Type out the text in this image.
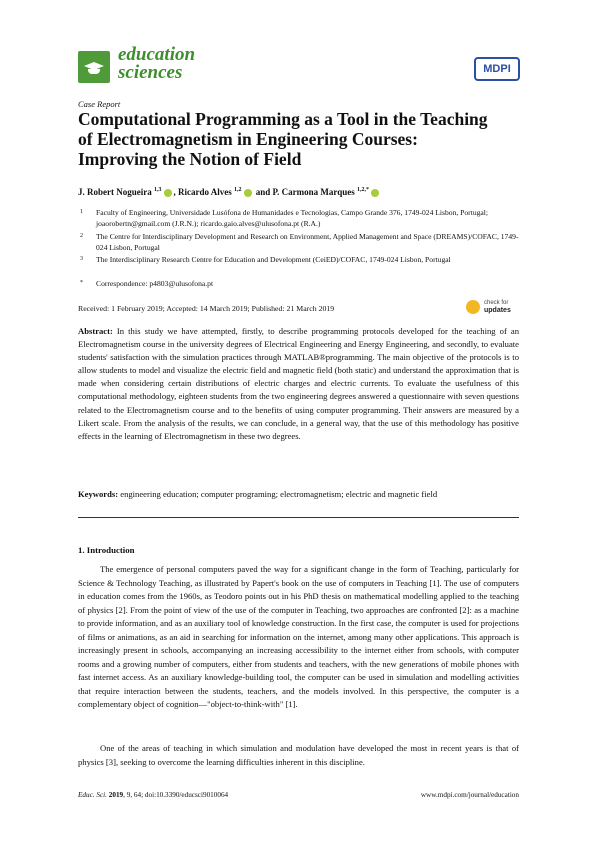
education
sciences	MDPI
Case Report
Computational Programming as a Tool in the Teaching of Electromagnetism in Engineering Courses: Improving the Notion of Field
J. Robert Nogueira $^{1,3}$ , Ricardo Alves $^{1,2}$ and P. Carmona Marques $^{1,2,*}$
1 Faculty of Engineering, Universidade Lusófona de Humanidades e Tecnologias, Campo Grande 376, 1749-024 Lisbon, Portugal; joaorobertn@gmail.com (J.R.N.); ricardo.gaio.alves@ulusofona.pt (R.A.)
2 The Centre for Interdisciplinary Development and Research on Environment, Applied Management and Space (DREAMS)/COFAC, 1749-024 Lisbon, Portugal
3 The Interdisciplinary Research Centre for Education and Development (CeiED)/COFAC, 1749-024 Lisbon, Portugal
* Correspondence: p4803@ulusofona.pt
Received: 1 February 2019; Accepted: 14 March 2019; Published: 21 March 2019
check for
updates
Abstract: In this study we have attempted, firstly, to describe programming protocols developed for the teaching of an Electromagnetism course in the university degrees of Electrical Engineering and Energy Engineering, and secondly, to evaluate students' satisfaction with the simulation practices through MATLAB®programming. The main objective of the protocols is to allow students to model and visualize the electric field and magnetic field (both static) and understand the approximation that is made when considering certain distributions of electric charges and electric currents. To evaluate the usefulness of this computational methodology, eighteen students from the two engineering degrees answered a questionnaire with seven questions related to the Electromagnetism course and to the benefits of using computer programming. Their answers are measured by a Likert scale. From the analysis of the results, we can conclude, in a general way, that the use of this methodology has positive effects in the learning of Electromagnetism in these two degrees.
Keywords: engineering education; computer programing; electromagnetism; electric and magnetic field
1. Introduction
The emergence of personal computers paved the way for a significant change in the form of Teaching, particularly for Science & Technology Teaching, as illustrated by Papert's book on the use of computers in Teaching [1]. The use of computers in education comes from the 1960s, as Teodoro points out in his PhD thesis on mathematical modelling applied to the teaching of physics [2]. From the point of view of the use of the computer in Teaching, two approaches are confronted [2]: as a machine to provide information, and as an auxiliary tool of knowledge construction. In the first case, the computer is used for projections of films or animations, as an aid in searching for information on the internet, among many other applications. This approach is increasingly present in schools, accompanying an increasing accessibility to the internet either from schools, with computer rooms and a growing number of computers, either from students and teachers, with the new generations of mobile phones with fast internet access. As an auxiliary knowledge-building tool, the computer can be used in simulation and modelling activities that require interaction between the students, teachers, and the models involved. In this perspective, the computer is a complementary object of cognition—"object-to-think-with" [1].
One of the areas of teaching in which simulation and modulation have developed the most in recent years is that of physics [3], seeking to overcome the learning difficulties inherent in this discipline.
Educ. Sci. 2019, 9, 64; doi:10.3390/educsci9010064	www.mdpi.com/journal/education
